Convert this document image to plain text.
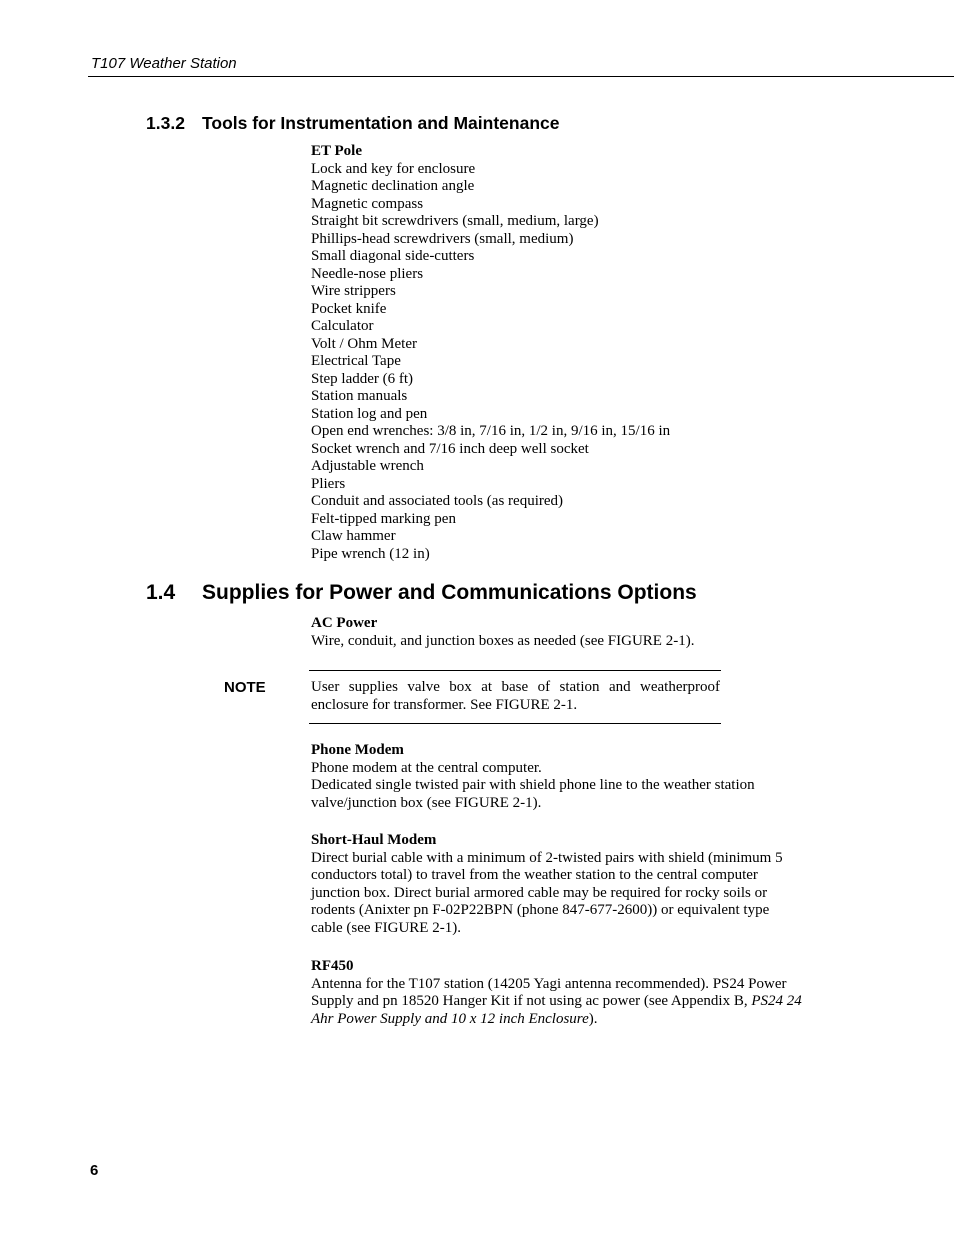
T107 Weather Station
1.3.2 Tools for Instrumentation and Maintenance

ET Pole

Lock and key for enclosure

Magnetic declination angle

Magnetic compass

Straight bit screwdrivers (small, medium, large)

Phillips-head screwdrivers (small, medium)

Small diagonal side-cutters

Needle-nose pliers

Wire strippers

Pocket knife

Calculator

Volt / Ohm Meter

Electrical Tape

Step ladder (6 ft)

Station manuals

Station log and pen

Open end wrenches: 3/8 in, 7/16 in, 1/2 in, 9/16 in, 15/16 in

Socket wrench and 7/16 inch deep well socket

Adjustable wrench

Pliers

Conduit and associated tools (as required)

Felt-tipped marking pen

Claw hammer

Pipe wrench (12 in)

1.4 Supplies for Power and Communications Options

AC Power

Wire, conduit, and junction boxes as needed (see FIGURE 2-1).

NOTE	User supplies valve box at base of station and weatherproof enclosure for transformer. See FIGURE 2-1.

Phone Modem

Phone modem at the central computer.

Dedicated single twisted pair with shield phone line to the weather station valve/junction box (see FIGURE 2-1).

Short-Haul Modem

Direct burial cable with a minimum of 2-twisted pairs with shield (minimum 5 conductors total) to travel from the weather station to the central computer junction box. Direct burial armored cable may be required for rocky soils or rodents (Anixter pn F-02P22BPN (phone 847-677-2600)) or equivalent type cable (see FIGURE 2-1).

RF450

Antenna for the T107 station (14205 Yagi antenna recommended). PS24 Power Supply and pn 18520 Hanger Kit if not using ac power (see Appendix B, PS24 24 Ahr Power Supply and 10 x 12 inch Enclosure).

6
